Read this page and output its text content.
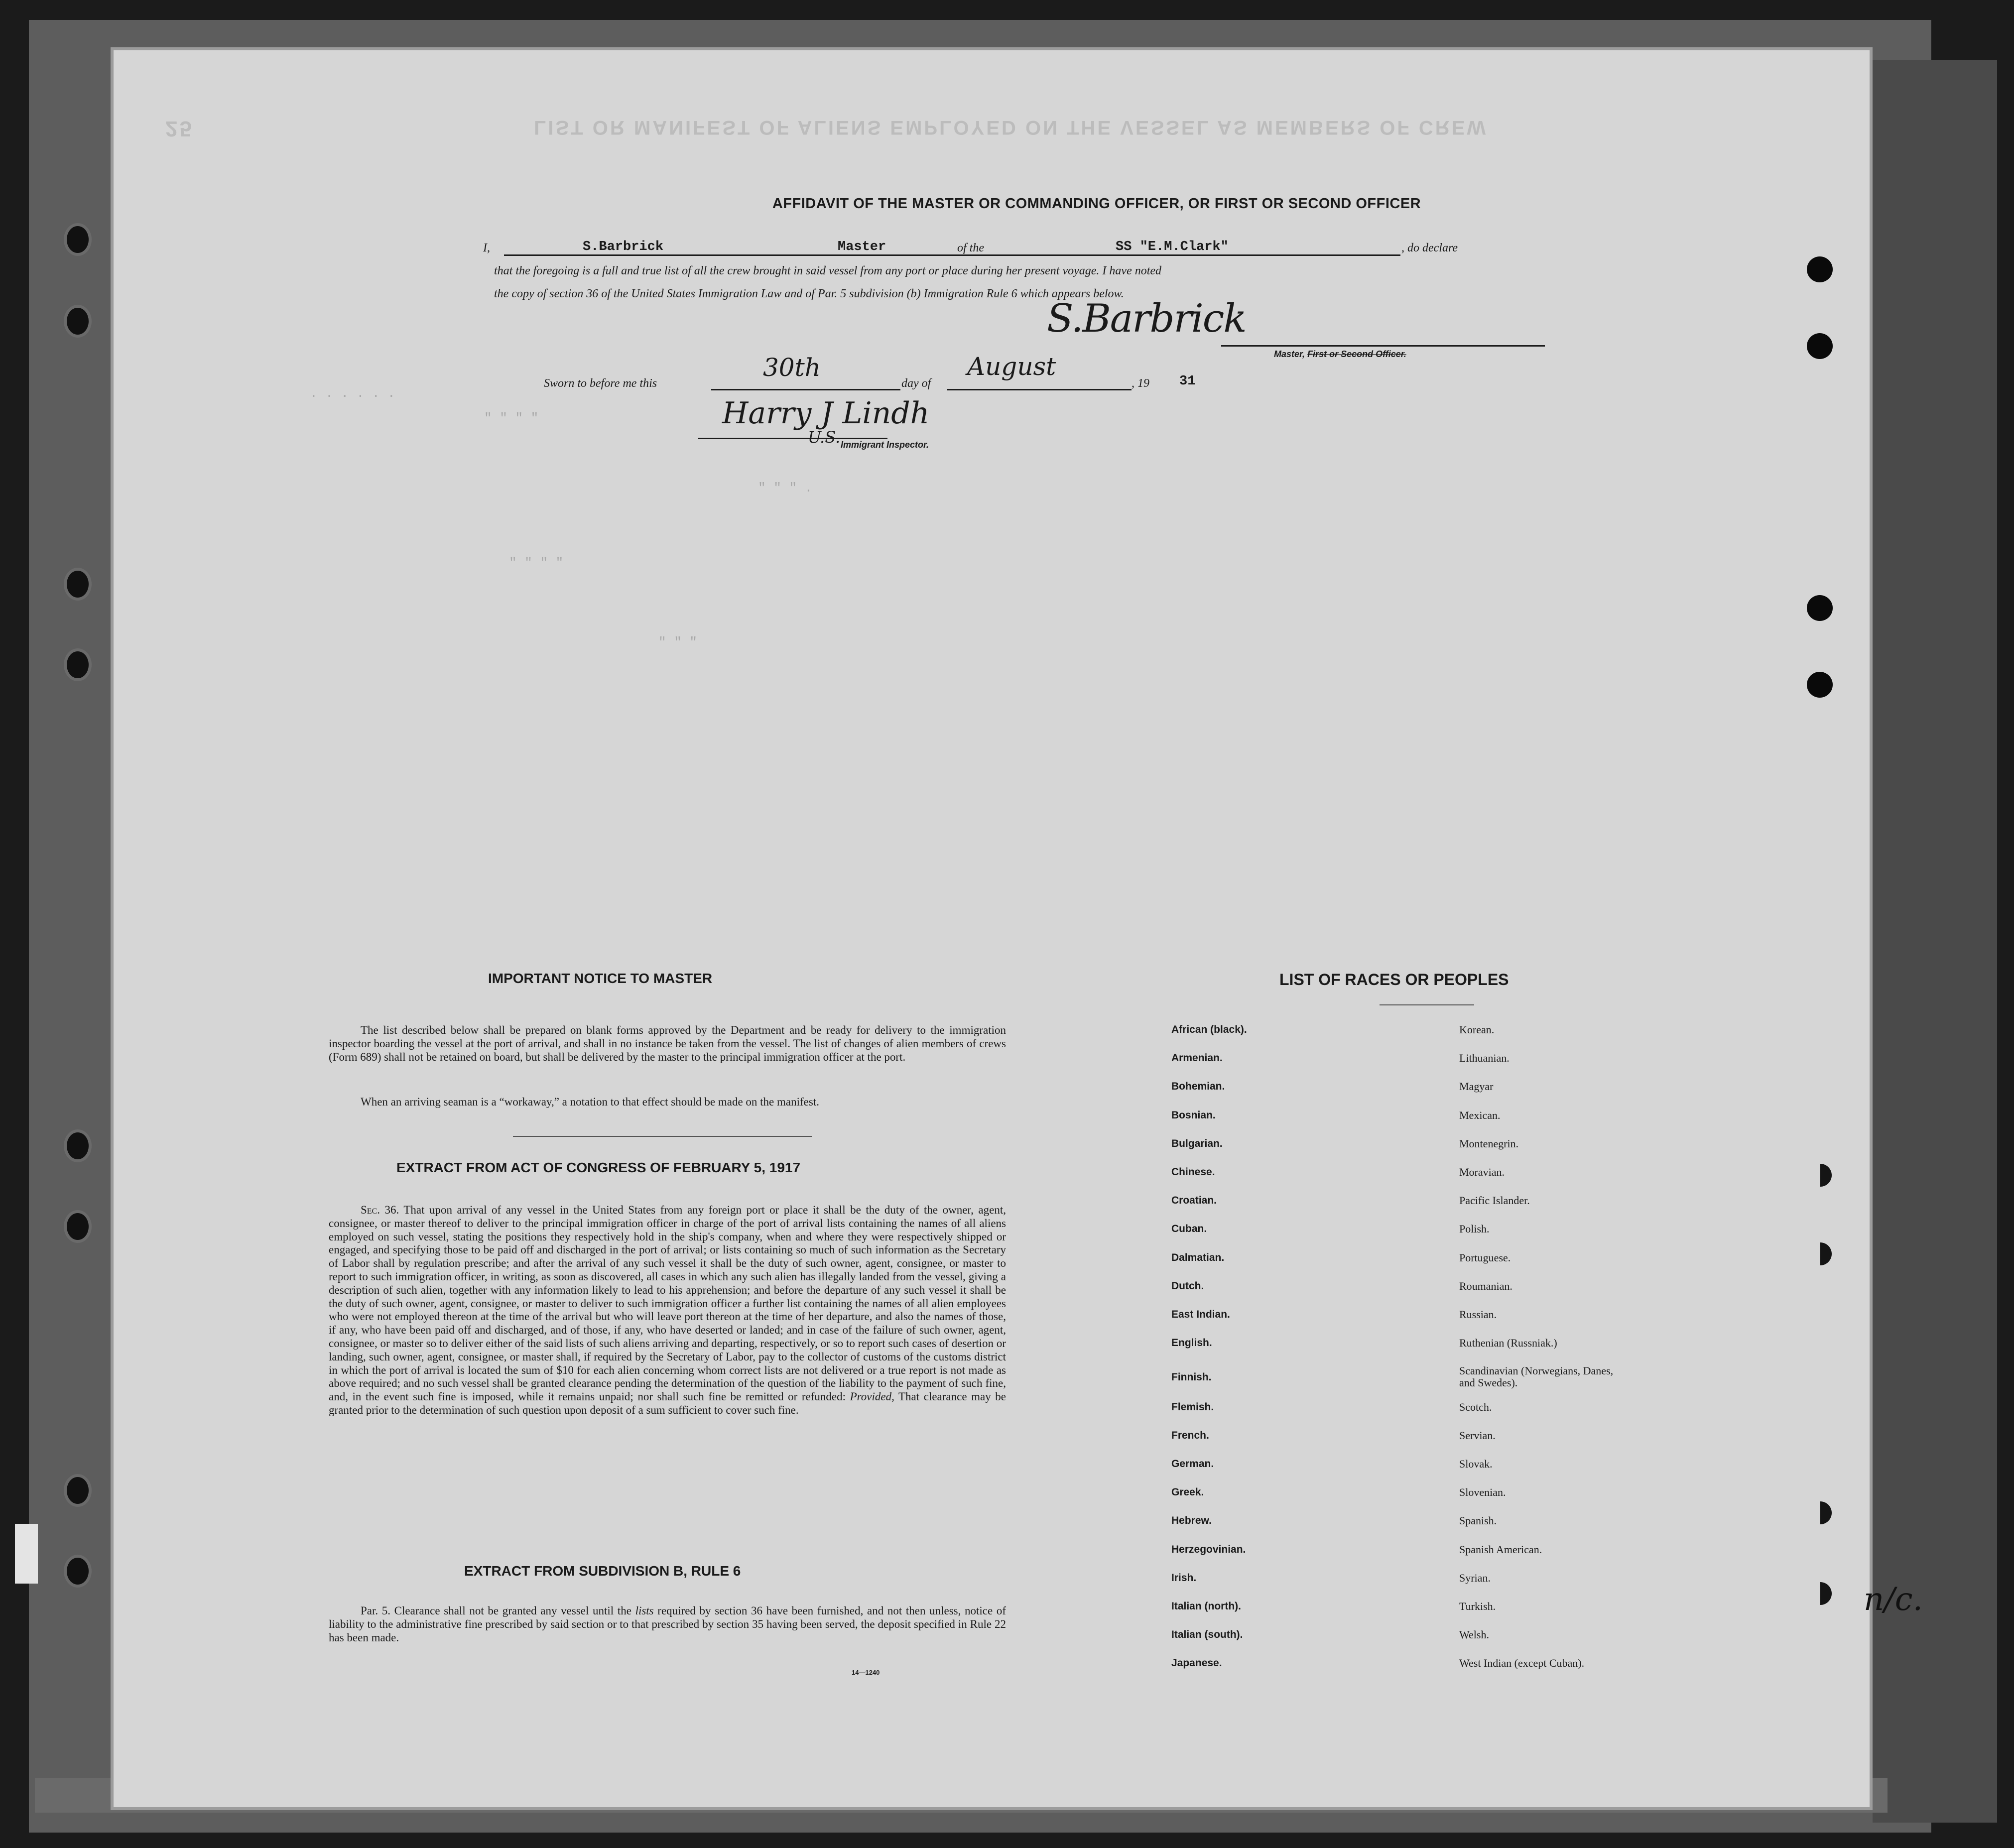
LIST OR MANIFEST OF ALIENS EMPLOYED ON THE VESSEL AS MEMBERS OF CREW
25
. . . . . .
" " " "
" " " .
" " " "
" " "
AFFIDAVIT OF THE MASTER OR COMMANDING OFFICER, OR FIRST OR SECOND OFFICER
I,	S.Barbrick	Master	of the	SS "E.M.Clark"	, do declare
that the foregoing is a full and true list of all the crew brought in said vessel from any port or place during her present voyage. I have noted
the copy of section 36 of the United States Immigration Law and of Par. 5 subdivision (b) Immigration Rule 6 which appears below.
S.Barbrick
Master, First or Second Officer.
Sworn to before me this
30th
day of
August
, 19 31
Harry J Lindh
U.S. Immigrant Inspector.
IMPORTANT NOTICE TO MASTER
The list described below shall be prepared on blank forms approved by the Department and be ready for delivery to the immigration inspector boarding the vessel at the port of arrival, and shall in no instance be taken from the vessel. The list of changes of alien members of crews (Form 689) shall not be retained on board, but shall be delivered by the master to the principal immigration officer at the port.
When an arriving seaman is a “workaway,” a notation to that effect should be made on the manifest.
EXTRACT FROM ACT OF CONGRESS OF FEBRUARY 5, 1917
Sec. 36. That upon arrival of any vessel in the United States from any foreign port or place it shall be the duty of the owner, agent, consignee, or master thereof to deliver to the principal immigration officer in charge of the port of arrival lists containing the names of all aliens employed on such vessel, stating the positions they respectively hold in the ship's company, when and where they were respectively shipped or engaged, and specifying those to be paid off and discharged in the port of arrival; or lists containing so much of such information as the Secretary of Labor shall by regulation prescribe; and after the arrival of any such vessel it shall be the duty of such owner, agent, consignee, or master to report to such immigration officer, in writing, as soon as discovered, all cases in which any such alien has illegally landed from the vessel, giving a description of such alien, together with any information likely to lead to his apprehension; and before the departure of any such vessel it shall be the duty of such owner, agent, consignee, or master to deliver to such immigration officer a further list containing the names of all alien employees who were not employed thereon at the time of the arrival but who will leave port thereon at the time of her departure, and also the names of those, if any, who have been paid off and discharged, and of those, if any, who have deserted or landed; and in case of the failure of such owner, agent, consignee, or master so to deliver either of the said lists of such aliens arriving and departing, respectively, or so to report such cases of desertion or landing, such owner, agent, consignee, or master shall, if required by the Secretary of Labor, pay to the collector of customs of the customs district in which the port of arrival is located the sum of $10 for each alien concerning whom correct lists are not delivered or a true report is not made as above required; and no such vessel shall be granted clearance pending the determination of the question of the liability to the payment of such fine, and, in the event such fine is imposed, while it remains unpaid; nor shall such fine be remitted or refunded: Provided, That clearance may be granted prior to the determination of such question upon deposit of a sum sufficient to cover such fine.
EXTRACT FROM SUBDIVISION B, RULE 6
Par. 5. Clearance shall not be granted any vessel until the lists required by section 36 have been furnished, and not then unless, notice of liability to the administrative fine prescribed by said section or to that prescribed by section 35 having been served, the deposit specified in Rule 22 has been made.
14—1240
LIST OF RACES OR PEOPLES
African (black).
Armenian.
Bohemian.
Bosnian.
Bulgarian.
Chinese.
Croatian.
Cuban.
Dalmatian.
Dutch.
East Indian.
English.
Finnish.
Flemish.
French.
German.
Greek.
Hebrew.
Herzegovinian.
Irish.
Italian (north).
Italian (south).
Japanese.
Korean.
Lithuanian.
Magyar
Mexican.
Montenegrin.
Moravian.
Pacific Islander.
Polish.
Portuguese.
Roumanian.
Russian.
Ruthenian (Russniak.)
Scandinavian (Norwegians, Danes, and Swedes).
Scotch.
Servian.
Slovak.
Slovenian.
Spanish.
Spanish American.
Syrian.
Turkish.
Welsh.
West Indian (except Cuban).
n/c.
